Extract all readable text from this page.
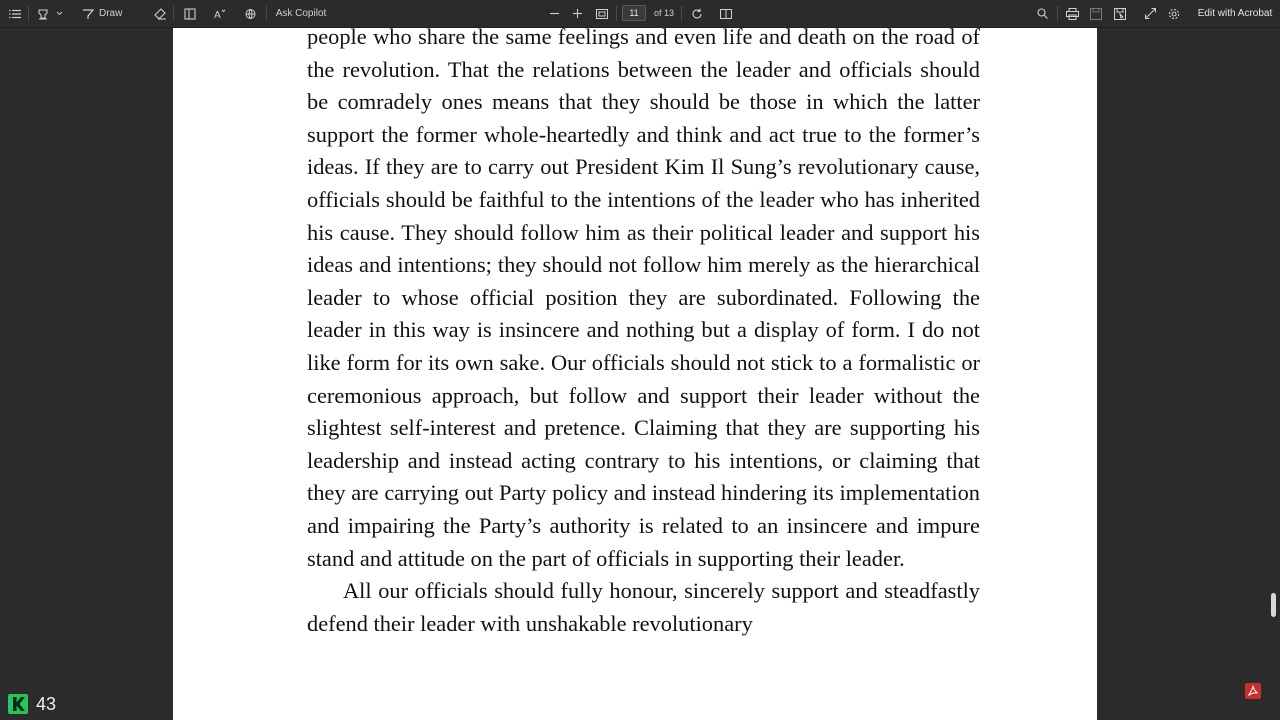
Draw	A	Ask Copilot
11	of 13	Edit with Acrobat

people who share the same feelings and even life and death on the road of the revolution. That the relations between the leader and officials should be comradely ones means that they should be those in which the latter support the former whole-heartedly and think and act true to the former’s ideas. If they are to carry out President Kim Il Sung’s revolutionary cause, officials should be faithful to the intentions of the leader who has inherited his cause. They should follow him as their political leader and support his ideas and intentions; they should not follow him merely as the hierarchical leader to whose official position they are subordinated. Following the leader in this way is insincere and nothing but a display of form. I do not like form for its own sake. Our officials should not stick to a formalistic or ceremonious approach, but follow and support their leader without the slightest self-interest and pretence. Claiming that they are supporting his leadership and instead acting contrary to his intentions, or claiming that they are carrying out Party policy and instead hindering its implementation and impairing the Party’s authority is related to an insincere and impure stand and attitude on the part of officials in supporting their leader.

All our officials should fully honour, sincerely support and steadfastly defend their leader with unshakable revolutionary

43
